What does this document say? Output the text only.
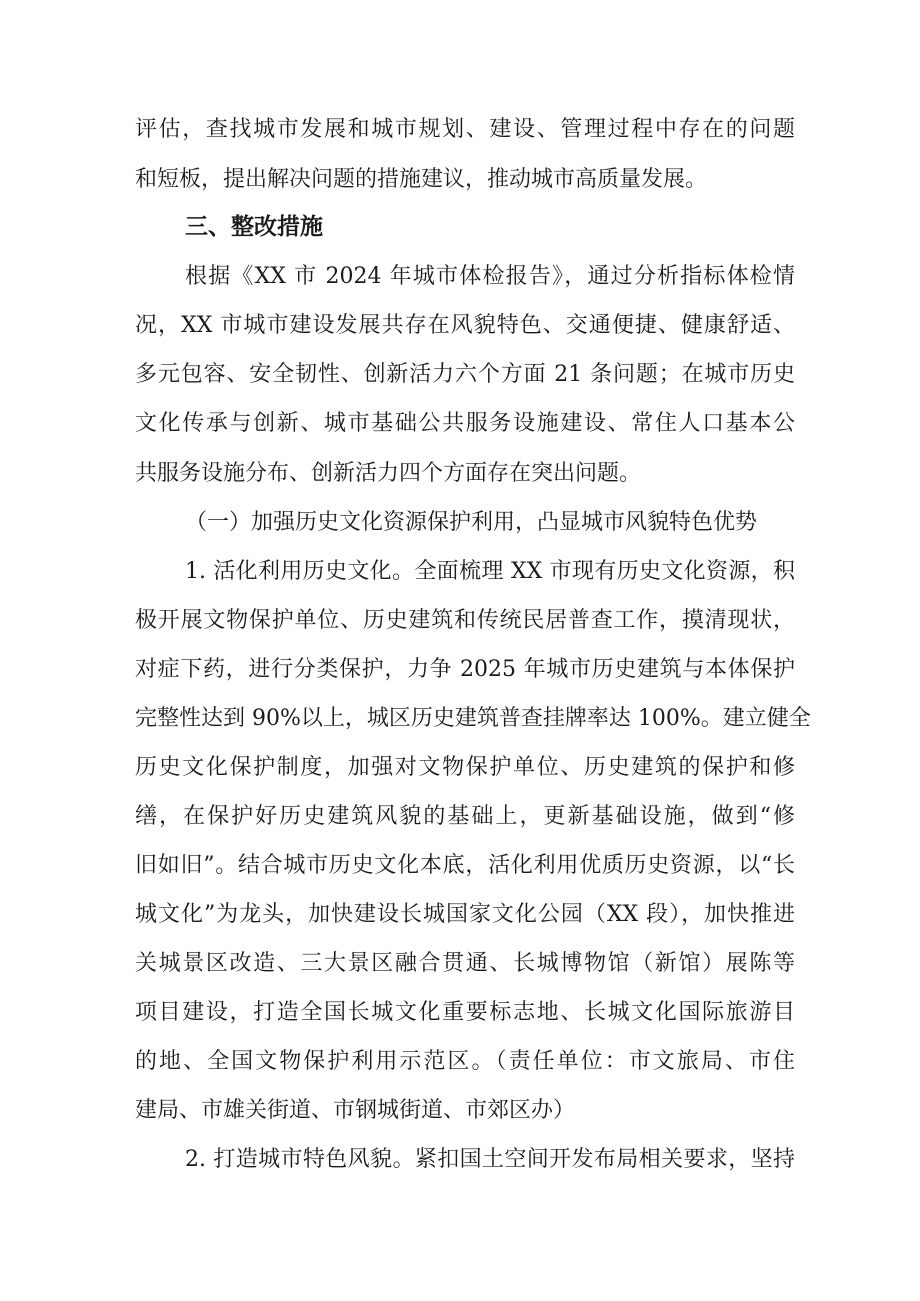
评估，查找城市发展和城市规划、建设、管理过程中存在的问题
和短板，提出解决问题的措施建议，推动城市高质量发展。
三、整改措施
根据《XX 市 2024 年城市体检报告》，通过分析指标体检情
况，XX 市城市建设发展共存在风貌特色、交通便捷、健康舒适、
多元包容、安全韧性、创新活力六个方面 21 条问题；在城市历史
文化传承与创新、城市基础公共服务设施建设、常住人口基本公
共服务设施分布、创新活力四个方面存在突出问题。
（一）加强历史文化资源保护利用，凸显城市风貌特色优势
1. 活化利用历史文化。全面梳理 XX 市现有历史文化资源，积
极开展文物保护单位、历史建筑和传统民居普查工作，摸清现状，
对症下药，进行分类保护，力争 2025 年城市历史建筑与本体保护
完整性达到 90%以上，城区历史建筑普查挂牌率达 100%。建立健全
历史文化保护制度，加强对文物保护单位、历史建筑的保护和修
缮，在保护好历史建筑风貌的基础上，更新基础设施，做到“修
旧如旧”。结合城市历史文化本底，活化利用优质历史资源，以“长
城文化”为龙头，加快建设长城国家文化公园（XX 段），加快推进
关城景区改造、三大景区融合贯通、长城博物馆（新馆）展陈等
项目建设，打造全国长城文化重要标志地、长城文化国际旅游目
的地、全国文物保护利用示范区。（责任单位：市文旅局、市住
建局、市雄关街道、市钢城街道、市郊区办）
2. 打造城市特色风貌。紧扣国土空间开发布局相关要求，坚持
